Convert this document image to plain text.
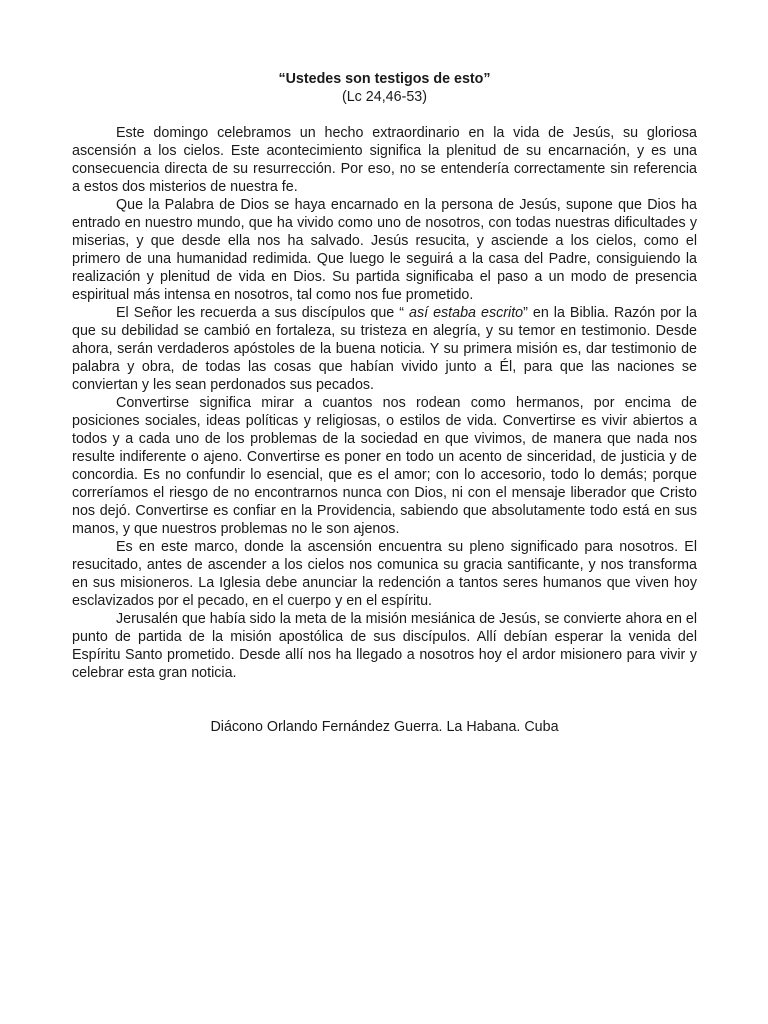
“Ustedes son testigos de esto”

(Lc 24,46-53)

Este domingo celebramos un hecho extraordinario en la vida de Jesús, su gloriosa ascensión a los cielos. Este acontecimiento significa la plenitud de su encarnación, y es una consecuencia directa de su resurrección. Por eso, no se entendería correctamente sin referencia a estos dos misterios de nuestra fe.

Que la Palabra de Dios se haya encarnado en la persona de Jesús, supone que Dios ha entrado en nuestro mundo, que ha vivido como uno de nosotros, con todas nuestras dificultades y miserias, y que desde ella nos ha salvado. Jesús resucita, y asciende a los cielos, como el primero de una humanidad redimida. Que luego le seguirá a la casa del Padre, consiguiendo la realización y plenitud de vida en Dios. Su partida significaba el paso a un modo de presencia espiritual más intensa en nosotros, tal como nos fue prometido.

El Señor les recuerda a sus discípulos que “ así estaba escrito” en la Biblia. Razón por la que su debilidad se cambió en fortaleza, su tristeza en alegría, y su temor en testimonio. Desde ahora, serán verdaderos apóstoles de la buena noticia. Y su primera misión es, dar testimonio de palabra y obra, de todas las cosas que habían vivido junto a Él, para que las naciones se conviertan y les sean perdonados sus pecados.

Convertirse significa mirar a cuantos nos rodean como hermanos, por encima de posiciones sociales, ideas políticas y religiosas, o estilos de vida. Convertirse es vivir abiertos a todos y a cada uno de los problemas de la sociedad en que vivimos, de manera que nada nos resulte indiferente o ajeno. Convertirse es poner en todo un acento de sinceridad, de justicia y de concordia. Es no confundir lo esencial, que es el amor; con lo accesorio, todo lo demás; porque correríamos el riesgo de no encontrarnos nunca con Dios, ni con el mensaje liberador que Cristo nos dejó. Convertirse es confiar en la Providencia, sabiendo que absolutamente todo está en sus manos, y que nuestros problemas no le son ajenos.

Es en este marco, donde la ascensión encuentra su pleno significado para nosotros. El resucitado, antes de ascender a los cielos nos comunica su gracia santificante, y nos transforma en sus misioneros. La Iglesia debe anunciar la redención a tantos seres humanos que viven hoy esclavizados por el pecado, en el cuerpo y en el espíritu.

Jerusalén que había sido la meta de la misión mesiánica de Jesús, se convierte ahora en el punto de partida de la misión apostólica de sus discípulos. Allí debían esperar la venida del Espíritu Santo prometido. Desde allí nos ha llegado a nosotros hoy el ardor misionero para vivir y celebrar esta gran noticia.

Diácono Orlando Fernández Guerra. La Habana. Cuba
